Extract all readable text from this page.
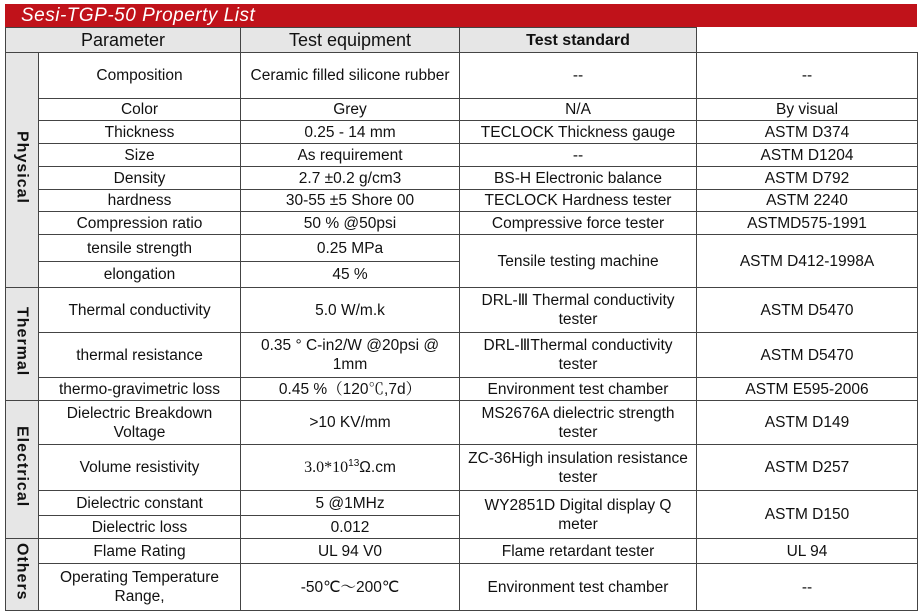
Sesi-TGP-50 Property List
Parameter		Test equipment	Test standard	
Physical	Composition	Ceramic filled silicone rubber	--	--
	Color	Grey	N/A	By visual
	Thickness	0.25 - 14 mm	TECLOCK Thickness gauge	ASTM D374
	Size	As requirement	--	ASTM D1204
	Density	2.7 ±0.2 g/cm3	BS-H Electronic balance	ASTM D792
	hardness	30-55 ±5 Shore 00	TECLOCK Hardness tester	ASTM 2240
	Compression ratio	50 % @50psi	Compressive force tester	ASTMD575-1991
	tensile strength	0.25 MPa	Tensile testing machine	ASTM D412-1998A
	elongation	45 %		
Thermal	Thermal conductivity	5.0 W/m.k	DRL-Ⅲ Thermal conductivity tester	ASTM D5470
	thermal resistance	0.35 ° C-in2/W @20psi @ 1mm	DRL-ⅢThermal conductivity tester	ASTM D5470
	thermo-gravimetric loss	0.45 %（120℃,7d）	Environment test chamber	ASTM E595-2006
Electrical	Dielectric Breakdown Voltage	>10 KV/mm	MS2676A dielectric strength tester	ASTM D149
	Volume resistivity	$3.0*10^{13}\Omega.cm$	ZC-36High insulation resistance tester	ASTM D257
	Dielectric constant	5 @1MHz	WY2851D Digital display Q meter	ASTM D150
	Dielectric loss	0.012		
Others	Flame Rating	UL 94 V0	Flame retardant tester	UL 94
	Operating Temperature Range,	-50℃～200℃	Environment test chamber	--
